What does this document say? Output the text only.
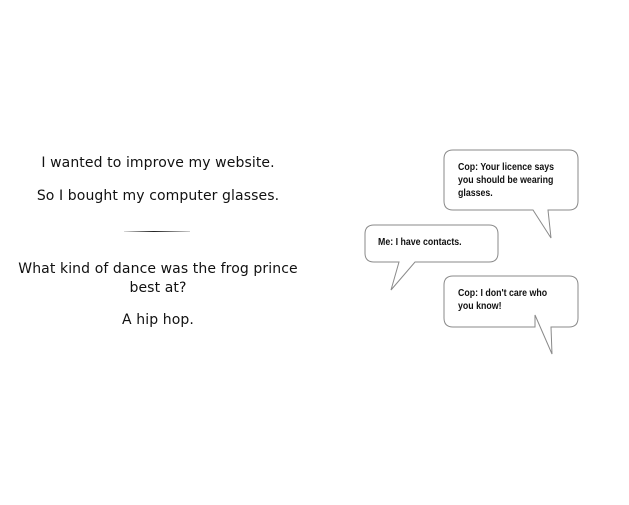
I wanted to improve my website.
So I bought my computer glasses.
What kind of dance was the frog prince best at?
A hip hop.
Cop: Your licence says you should be wearing glasses.
Me: I have contacts.
Cop: I don't care who you know!
